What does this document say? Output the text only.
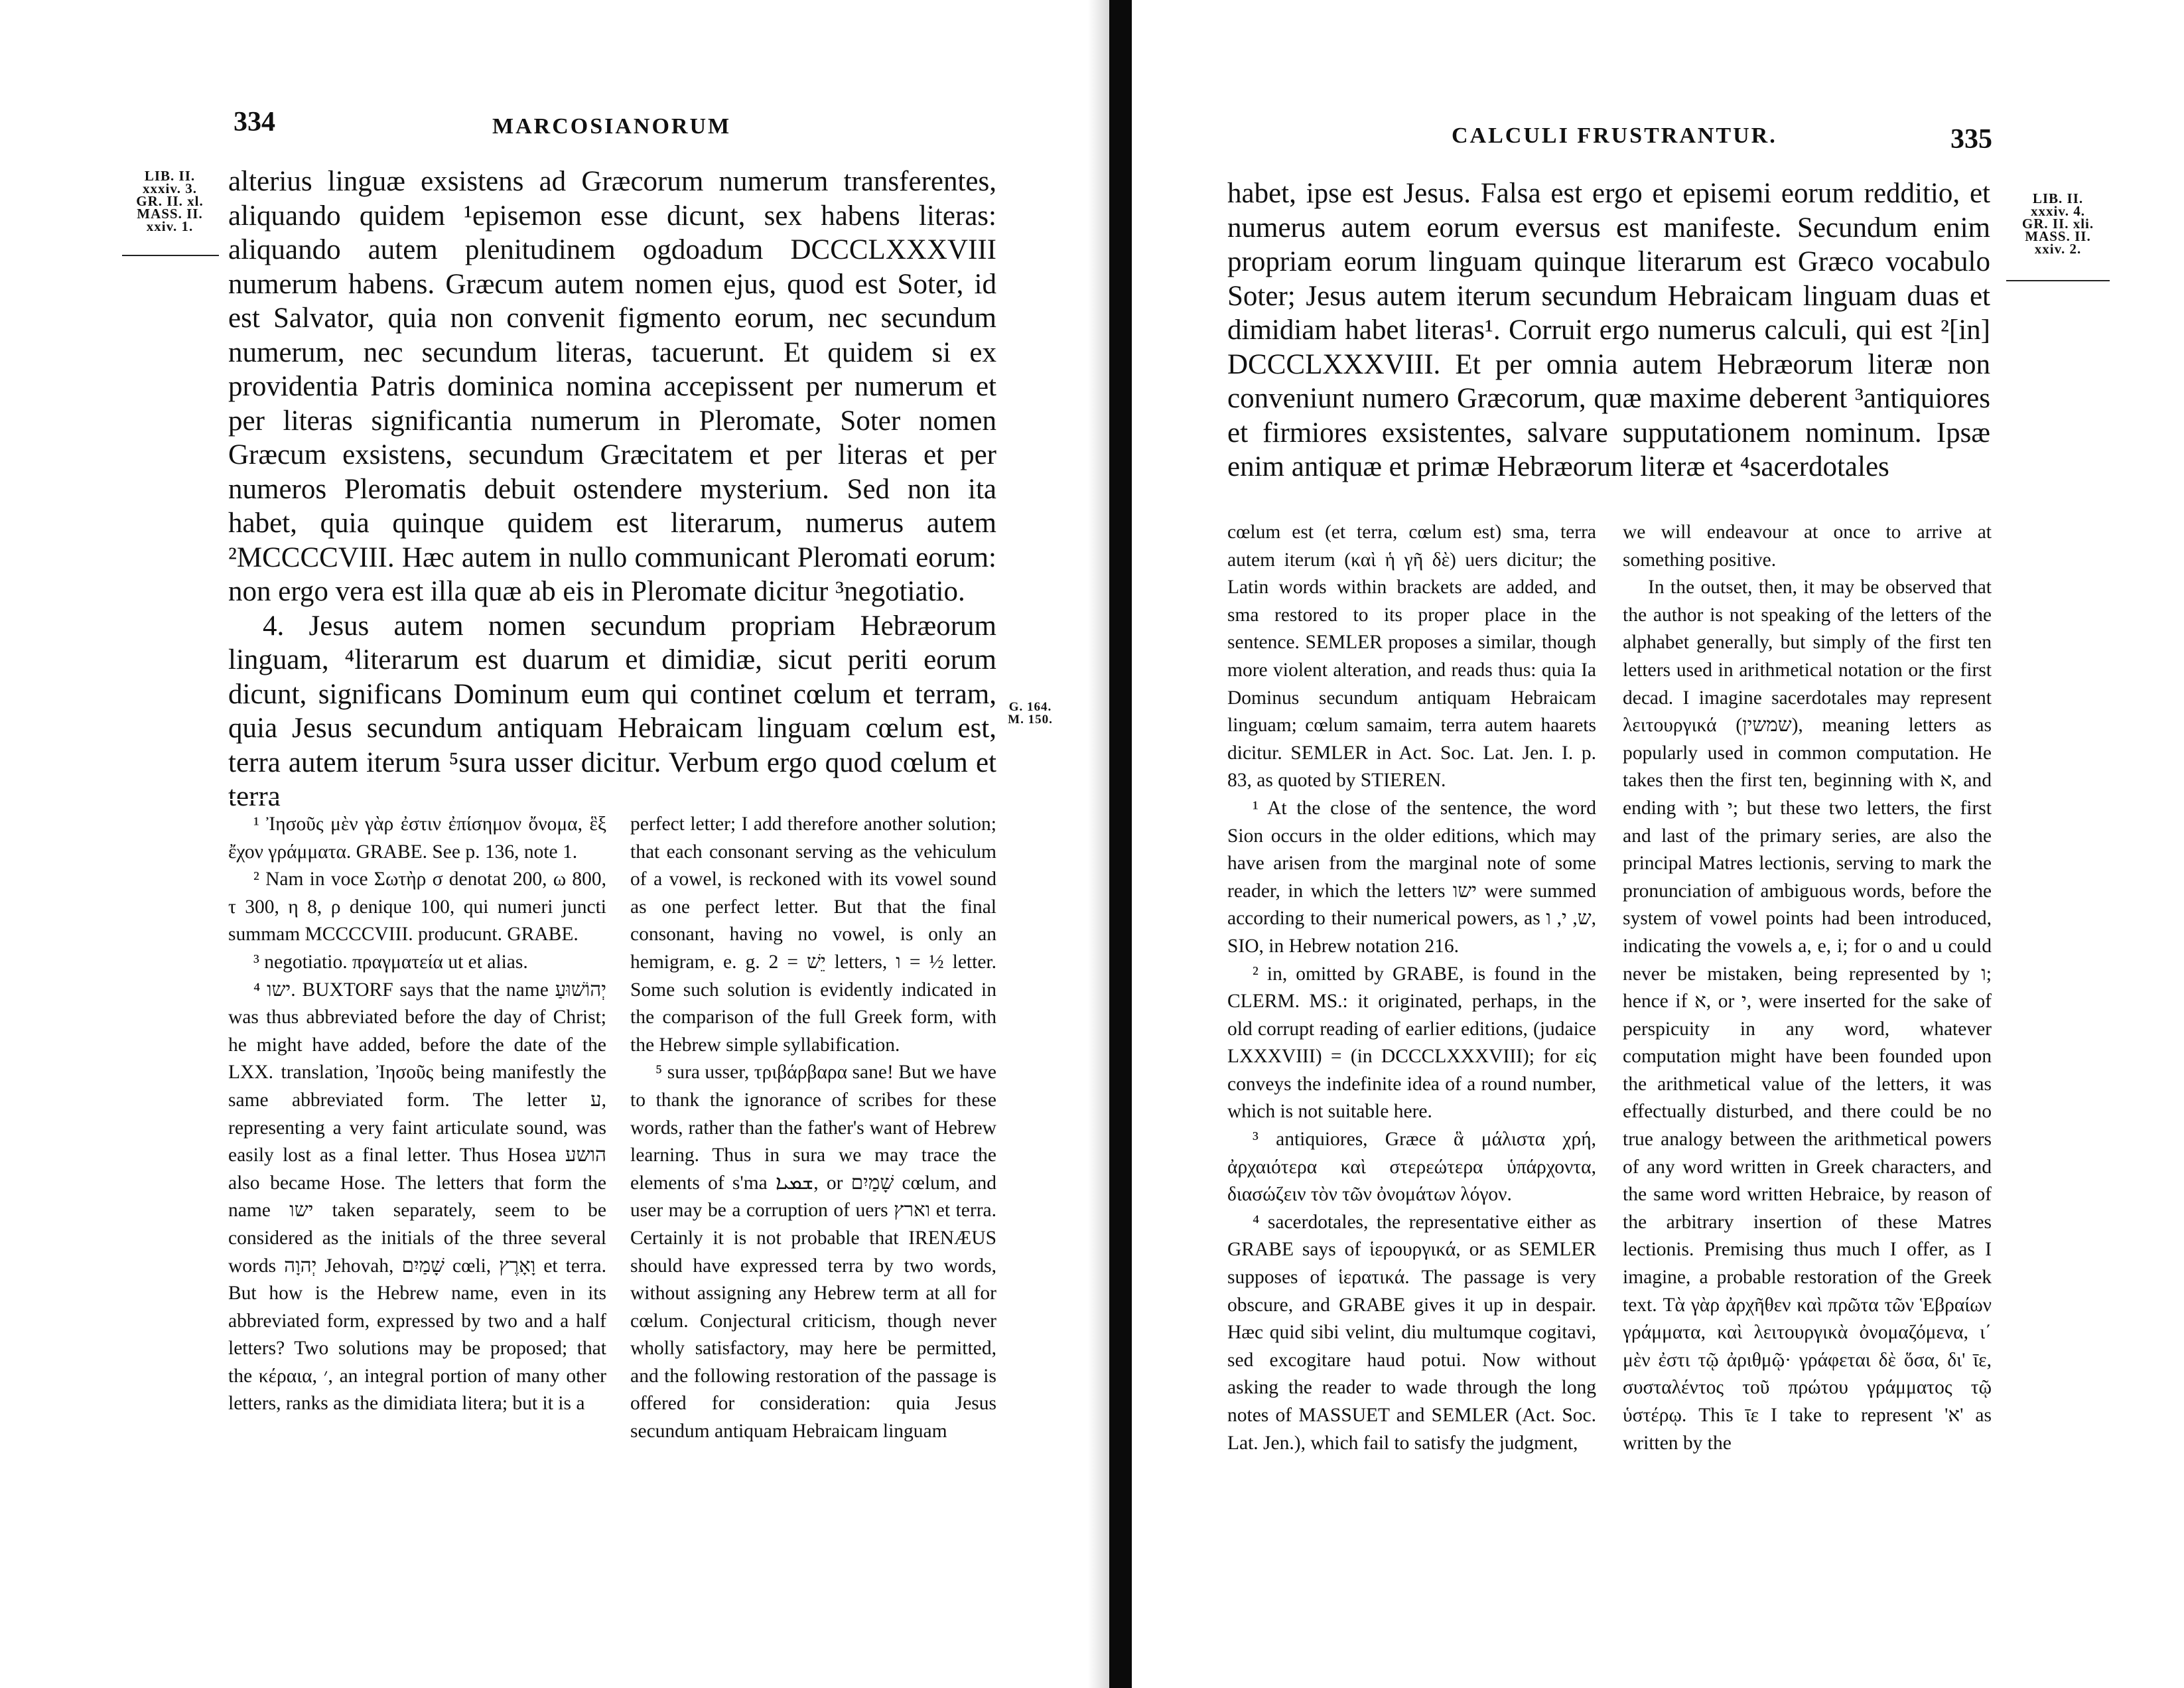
334	MARCOSIANORUM
LIB. II.
xxxiv. 3.
GR. II. xl.
MASS. II.
xxiv. 1.
G. 164.
M. 150.

alterius linguæ exsistens ad Græcorum numerum transferentes, aliquando quidem ¹episemon esse dicunt, sex habens literas: aliquando autem plenitudinem ogdoadum DCCCLXXXVIII numerum habens. Græcum autem nomen ejus, quod est Soter, id est Salvator, quia non convenit figmento eorum, nec secundum numerum, nec secundum literas, tacuerunt. Et quidem si ex providentia Patris dominica nomina accepissent per numerum et per literas significantia numerum in Pleromate, Soter nomen Græcum exsistens, secundum Græcitatem et per literas et per numeros Pleromatis debuit ostendere mysterium. Sed non ita habet, quia quinque quidem est literarum, numerus autem ²MCCCCVIII. Hæc autem in nullo communicant Pleromati eorum: non ergo vera est illa quæ ab eis in Pleromate dicitur ³negotiatio.

4. Jesus autem nomen secundum propriam Hebræorum linguam, ⁴literarum est duarum et dimidiæ, sicut periti eorum dicunt, significans Dominum eum qui continet cœlum et terram, quia Jesus secundum antiquam Hebraicam linguam cœlum est, terra autem iterum ⁵sura usser dicitur. Verbum ergo quod cœlum et terra

¹ Ἰησοῦς μὲν γὰρ ἐστιν ἐπίσημον ὄνομα, ἓξ ἔχον γράμματα. GRABE. See p. 136, note 1.

² Nam in voce Σωτὴρ σ denotat 200, ω 800, τ 300, η 8, ρ denique 100, qui numeri juncti summam MCCCCVIII. producunt. GRABE.

³ negotiatio. πραγματεία ut et alias.

⁴ ישו. BUXTORF says that the name יְהוֹשׁוּעַ was thus abbreviated before the day of Christ; he might have added, before the date of the LXX. translation, Ἰησοῦς being manifestly the same abbreviated form. The letter ע, representing a very faint articulate sound, was easily lost as a final letter. Thus Hosea הושע also became Hose. The letters that form the name ישו taken separately, seem to be considered as the initials of the three several words יְהוָה Jehovah, שָׁמַיִם cœli, וָאָרֶץ et terra. But how is the Hebrew name, even in its abbreviated form, expressed by two and a half letters? Two solutions may be proposed; that the κέραια, ׳, an integral portion of many other letters, ranks as the dimidiata litera; but it is a

perfect letter; I add therefore another solution; that each consonant serving as the vehiculum of a vowel, is reckoned with its vowel sound as one perfect letter. But that the final consonant, having no vowel, is only an hemigram, e. g. יֵשׁ = 2 letters, ו = ½ letter. Some such solution is evidently indicated in the comparison of the full Greek form, with the Hebrew simple syllabification.

⁵ sura usser, τριβάρβαρα sane! But we have to thank the ignorance of scribes for these words, rather than the father's want of Hebrew learning. Thus in sura we may trace the elements of s'ma ܫܡܝܐ, or שָׁמַיִם cœlum, and user may be a corruption of uers וארץ et terra. Certainly it is not probable that IRENÆUS should have expressed terra by two words, without assigning any Hebrew term at all for cœlum. Conjectural criticism, though never wholly satisfactory, may here be permitted, and the following restoration of the passage is offered for consideration: quia Jesus secundum antiquam Hebraicam linguam

CALCULI FRUSTRANTUR.	335
LIB. II.
xxxiv. 4.
GR. II. xli.
MASS. II.
xxiv. 2.

habet, ipse est Jesus. Falsa est ergo et episemi eorum redditio, et numerus autem eorum eversus est manifeste. Secundum enim propriam eorum linguam quinque literarum est Græco vocabulo Soter; Jesus autem iterum secundum Hebraicam linguam duas et dimidiam habet literas¹. Corruit ergo numerus calculi, qui est ²[in] DCCCLXXXVIII. Et per omnia autem Hebræorum literæ non conveniunt numero Græcorum, quæ maxime deberent ³antiquiores et firmiores exsistentes, salvare supputationem nominum. Ipsæ enim antiquæ et primæ Hebræorum literæ et ⁴sacerdotales

cœlum est (et terra, cœlum est) sma, terra autem iterum (καὶ ἡ γῆ δὲ) uers dicitur; the Latin words within brackets are added, and sma restored to its proper place in the sentence. SEMLER proposes a similar, though more violent alteration, and reads thus: quia Ia Dominus secundum antiquam Hebraicam linguam; cœlum samaim, terra autem haarets dicitur. SEMLER in Act. Soc. Lat. Jen. I. p. 83, as quoted by STIEREN.

¹ At the close of the sentence, the word Sion occurs in the older editions, which may have arisen from the marginal note of some reader, in which the letters ישו were summed according to their numerical powers, as ש, י, ו, SIO, in Hebrew notation 216.

² in, omitted by GRABE, is found in the CLERM. MS.: it originated, perhaps, in the old corrupt reading of earlier editions, (judaice LXXXVIII) = (in DCCCLXXXVIII); for εἰς conveys the indefinite idea of a round number, which is not suitable here.

³ antiquiores, Græce ἃ μάλιστα χρή, ἀρχαιότερα καὶ στερεώτερα ὑπάρχοντα, διασώζειν τὸν τῶν ὀνομάτων λόγον.

⁴ sacerdotales, the representative either as GRABE says of ἱερουργικά, or as SEMLER supposes of ἱερατικά. The passage is very obscure, and GRABE gives it up in despair. Hæc quid sibi velint, diu multumque cogitavi, sed excogitare haud potui. Now without asking the reader to wade through the long notes of MASSUET and SEMLER (Act. Soc. Lat. Jen.), which fail to satisfy the judgment,

we will endeavour at once to arrive at something positive.

In the outset, then, it may be observed that the author is not speaking of the letters of the alphabet generally, but simply of the first ten letters used in arithmetical notation or the first decad. I imagine sacerdotales may represent λειτουργικά (שמשין), meaning letters as popularly used in common computation. He takes then the first ten, beginning with א, and ending with י; but these two letters, the first and last of the primary series, are also the principal Matres lectionis, serving to mark the pronunciation of ambiguous words, before the system of vowel points had been introduced, indicating the vowels a, e, i; for o and u could never be mistaken, being represented by ו; hence if א, or י, were inserted for the sake of perspicuity in any word, whatever computation might have been founded upon the arithmetical value of the letters, it was effectually disturbed, and there could be no true analogy between the arithmetical powers of any word written in Greek characters, and the same word written Hebraice, by reason of the arbitrary insertion of these Matres lectionis. Premising thus much I offer, as I imagine, a probable restoration of the Greek text. Τὰ γὰρ ἀρχῆθεν καὶ πρῶτα τῶν Ἑβραίων γράμματα, καὶ λειτουργικὰ ὀνομαζόμενα, ι΄ μὲν ἐστι τῷ ἀριθμῷ· γράφεται δὲ ὅσα, δι' ῑε, συσταλέντος τοῦ πρώτου γράμματος τῷ ὑστέρῳ. This ῑε I take to represent 'א' as written by the
